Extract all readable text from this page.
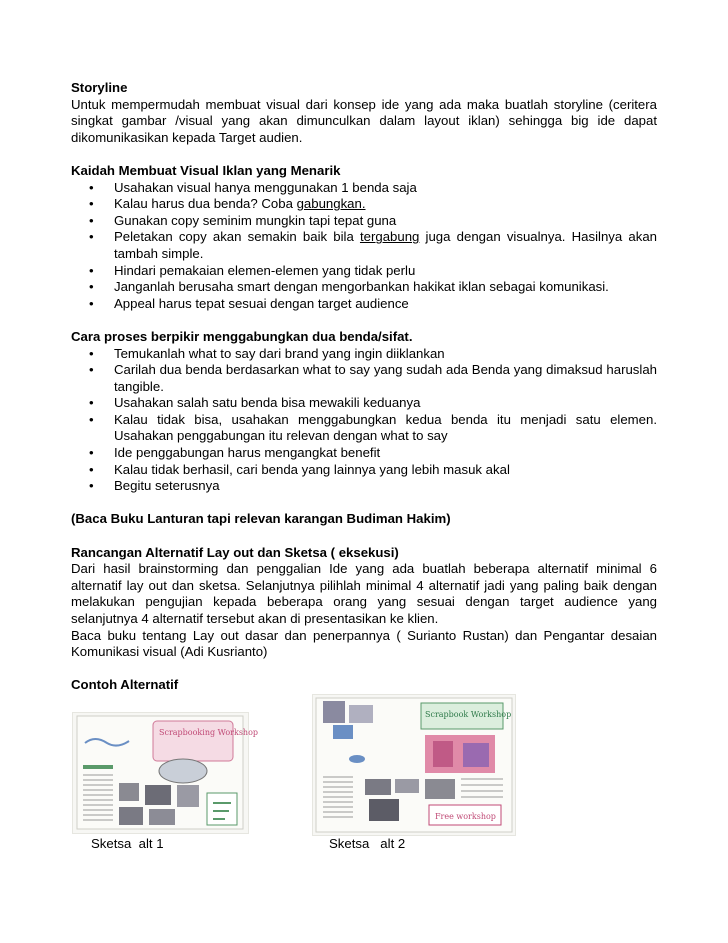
Storyline

Untuk mempermudah membuat visual dari konsep ide yang ada maka buatlah storyline (ceritera singkat gambar /visual yang akan dimunculkan dalam layout iklan) sehingga big ide dapat dikomunikasikan kepada Target audien.

Kaidah Membuat Visual Iklan yang Menarik
• Usahakan visual hanya menggunakan 1 benda saja
• Kalau harus dua benda? Coba gabungkan.
• Gunakan copy seminim mungkin tapi tepat guna
• Peletakan copy akan semakin baik bila tergabung juga dengan visualnya. Hasilnya akan tambah simple.
• Hindari pemakaian elemen-elemen yang tidak perlu
• Janganlah berusaha smart dengan mengorbankan hakikat iklan sebagai komunikasi.
• Appeal harus tepat sesuai dengan target audience
Cara proses berpikir menggabungkan dua benda/sifat.
• Temukanlah what to say dari brand yang ingin diiklankan
• Carilah dua benda berdasarkan what to say yang sudah ada Benda yang dimaksud haruslah tangible.
• Usahakan salah satu benda bisa mewakili keduanya
• Kalau tidak bisa, usahakan menggabungkan kedua benda itu menjadi satu elemen. Usahakan penggabungan itu relevan dengan what to say
• Ide penggabungan harus mengangkat benefit
• Kalau tidak berhasil, cari benda yang lainnya yang lebih masuk akal
• Begitu seterusnya
(Baca Buku Lanturan tapi relevan karangan Budiman Hakim)
Rancangan Alternatif Lay out dan Sketsa ( eksekusi)

Dari hasil brainstorming dan penggalian Ide yang ada buatlah beberapa alternatif minimal 6 alternatif lay out dan sketsa. Selanjutnya pilihlah minimal 4 alternatif jadi yang paling baik dengan melakukan pengujian kepada beberapa orang yang sesuai dengan target audience yang selanjutnya 4 alternatif tersebut akan di presentasikan ke klien.

Baca buku tentang Lay out dasar dan penerpannya ( Surianto Rustan) dan Pengantar desaian Komunikasi visual (Adi Kusrianto)

Contoh Alternatif
Scrapbooking Workshop
Scrapbook Workshop
Free workshop
Sketsa  alt 1	Sketsa   alt 2
